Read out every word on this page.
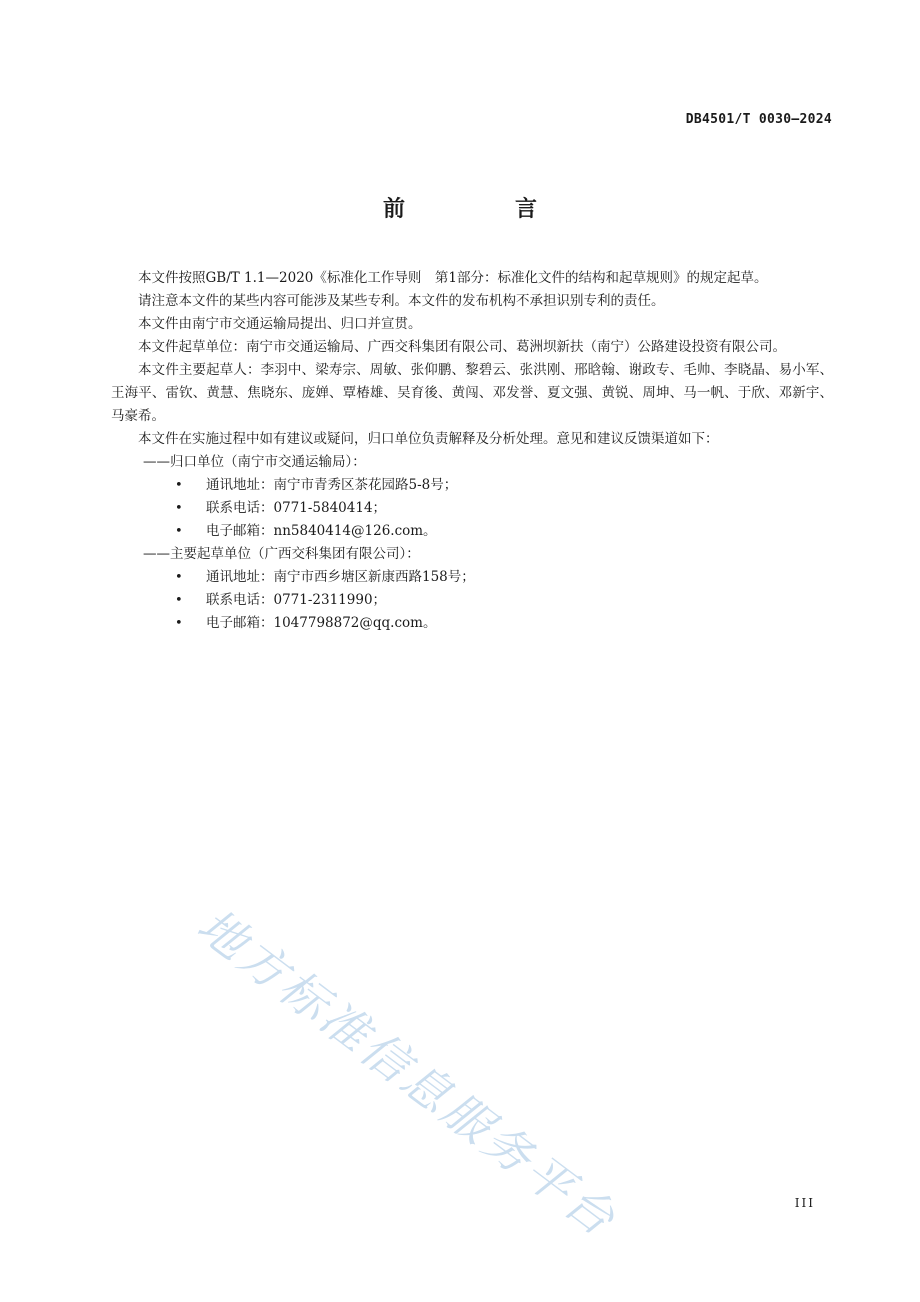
DB4501/T 0030—2024
前　言

本文件按照GB/T 1.1—2020《标准化工作导则　第1部分：标准化文件的结构和起草规则》的规定起草。

请注意本文件的某些内容可能涉及某些专利。本文件的发布机构不承担识别专利的责任。

本文件由南宁市交通运输局提出、归口并宣贯。

本文件起草单位：南宁市交通运输局、广西交科集团有限公司、葛洲坝新扶（南宁）公路建设投资有限公司。

本文件主要起草人：李羽中、梁寿宗、周敏、张仰鹏、黎碧云、张洪刚、邢晗翰、谢政专、毛帅、李晓晶、易小军、王海平、雷钦、黄慧、焦晓东、庞婵、覃椿雄、吴育後、黄闯、邓发誉、夏文强、黄锐、周坤、马一帆、于欣、邓新宇、马豪希。

本文件在实施过程中如有建议或疑问，归口单位负责解释及分析处理。意见和建议反馈渠道如下：

——归口单位（南宁市交通运输局）：

• 通讯地址：南宁市青秀区茶花园路5-8号；
• 联系电话：0771-5840414；
• 电子邮箱：nn5840414@126.com。

——主要起草单位（广西交科集团有限公司）：

• 通讯地址：南宁市西乡塘区新康西路158号；
• 联系电话：0771-2311990；
• 电子邮箱：1047798872@qq.com。
地方标准信息服务平台	III
